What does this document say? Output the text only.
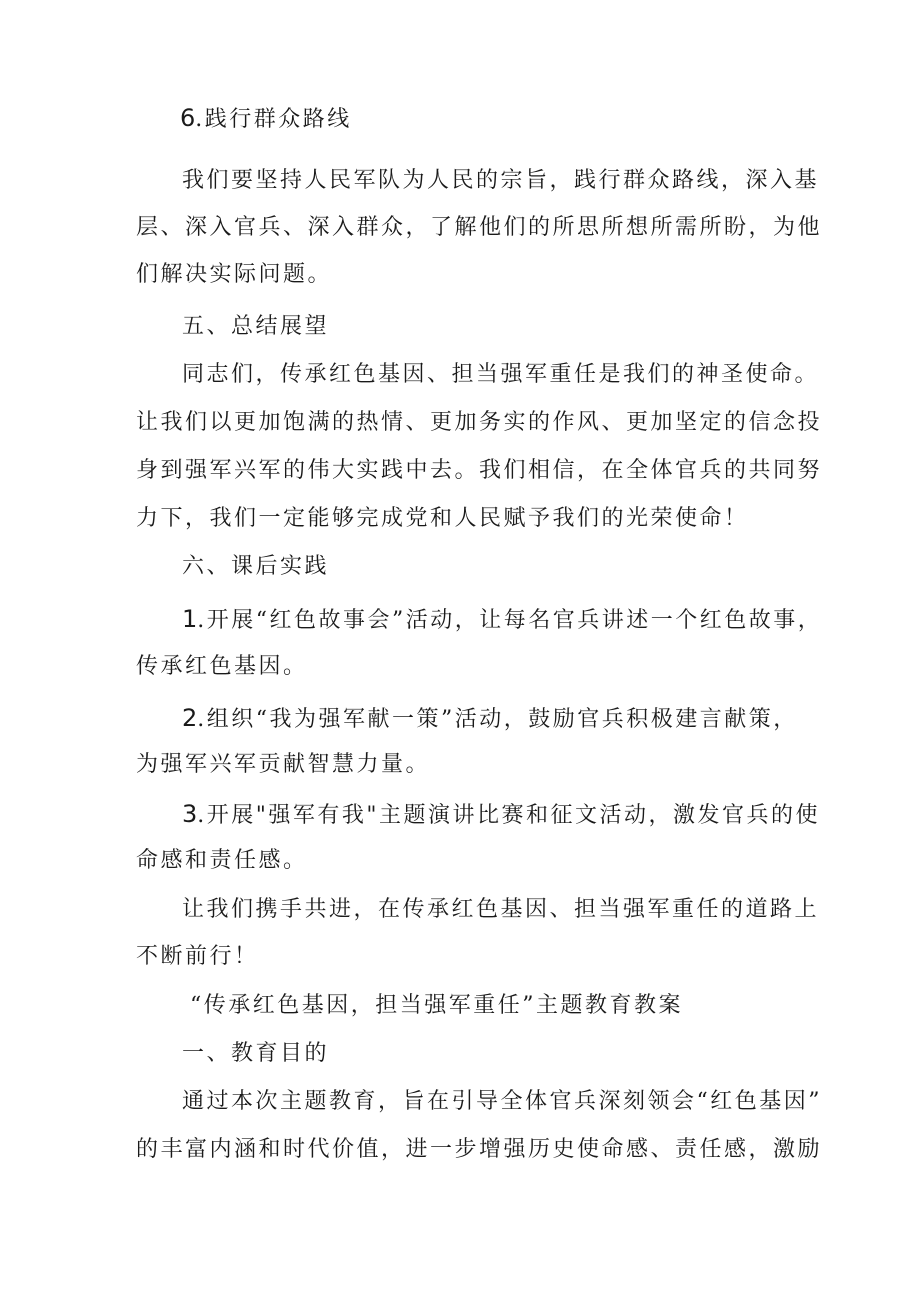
6.践行群众路线
我们要坚持人民军队为人民的宗旨，践行群众路线，深入基
层、深入官兵、深入群众，了解他们的所思所想所需所盼，为他
们解决实际问题。
五、总结展望
同志们，传承红色基因、担当强军重任是我们的神圣使命。
让我们以更加饱满的热情、更加务实的作风、更加坚定的信念投
身到强军兴军的伟大实践中去。我们相信，在全体官兵的共同努
力下，我们一定能够完成党和人民赋予我们的光荣使命！
六、课后实践
1.开展“红色故事会”活动，让每名官兵讲述一个红色故事，
传承红色基因。
2.组织“我为强军献一策”活动，鼓励官兵积极建言献策，
为强军兴军贡献智慧力量。
3.开展"强军有我"主题演讲比赛和征文活动，激发官兵的使
命感和责任感。
让我们携手共进，在传承红色基因、担当强军重任的道路上
不断前行！
“传承红色基因，担当强军重任”主题教育教案
一、教育目的
通过本次主题教育，旨在引导全体官兵深刻领会“红色基因”
的丰富内涵和时代价值，进一步增强历史使命感、责任感，激励
